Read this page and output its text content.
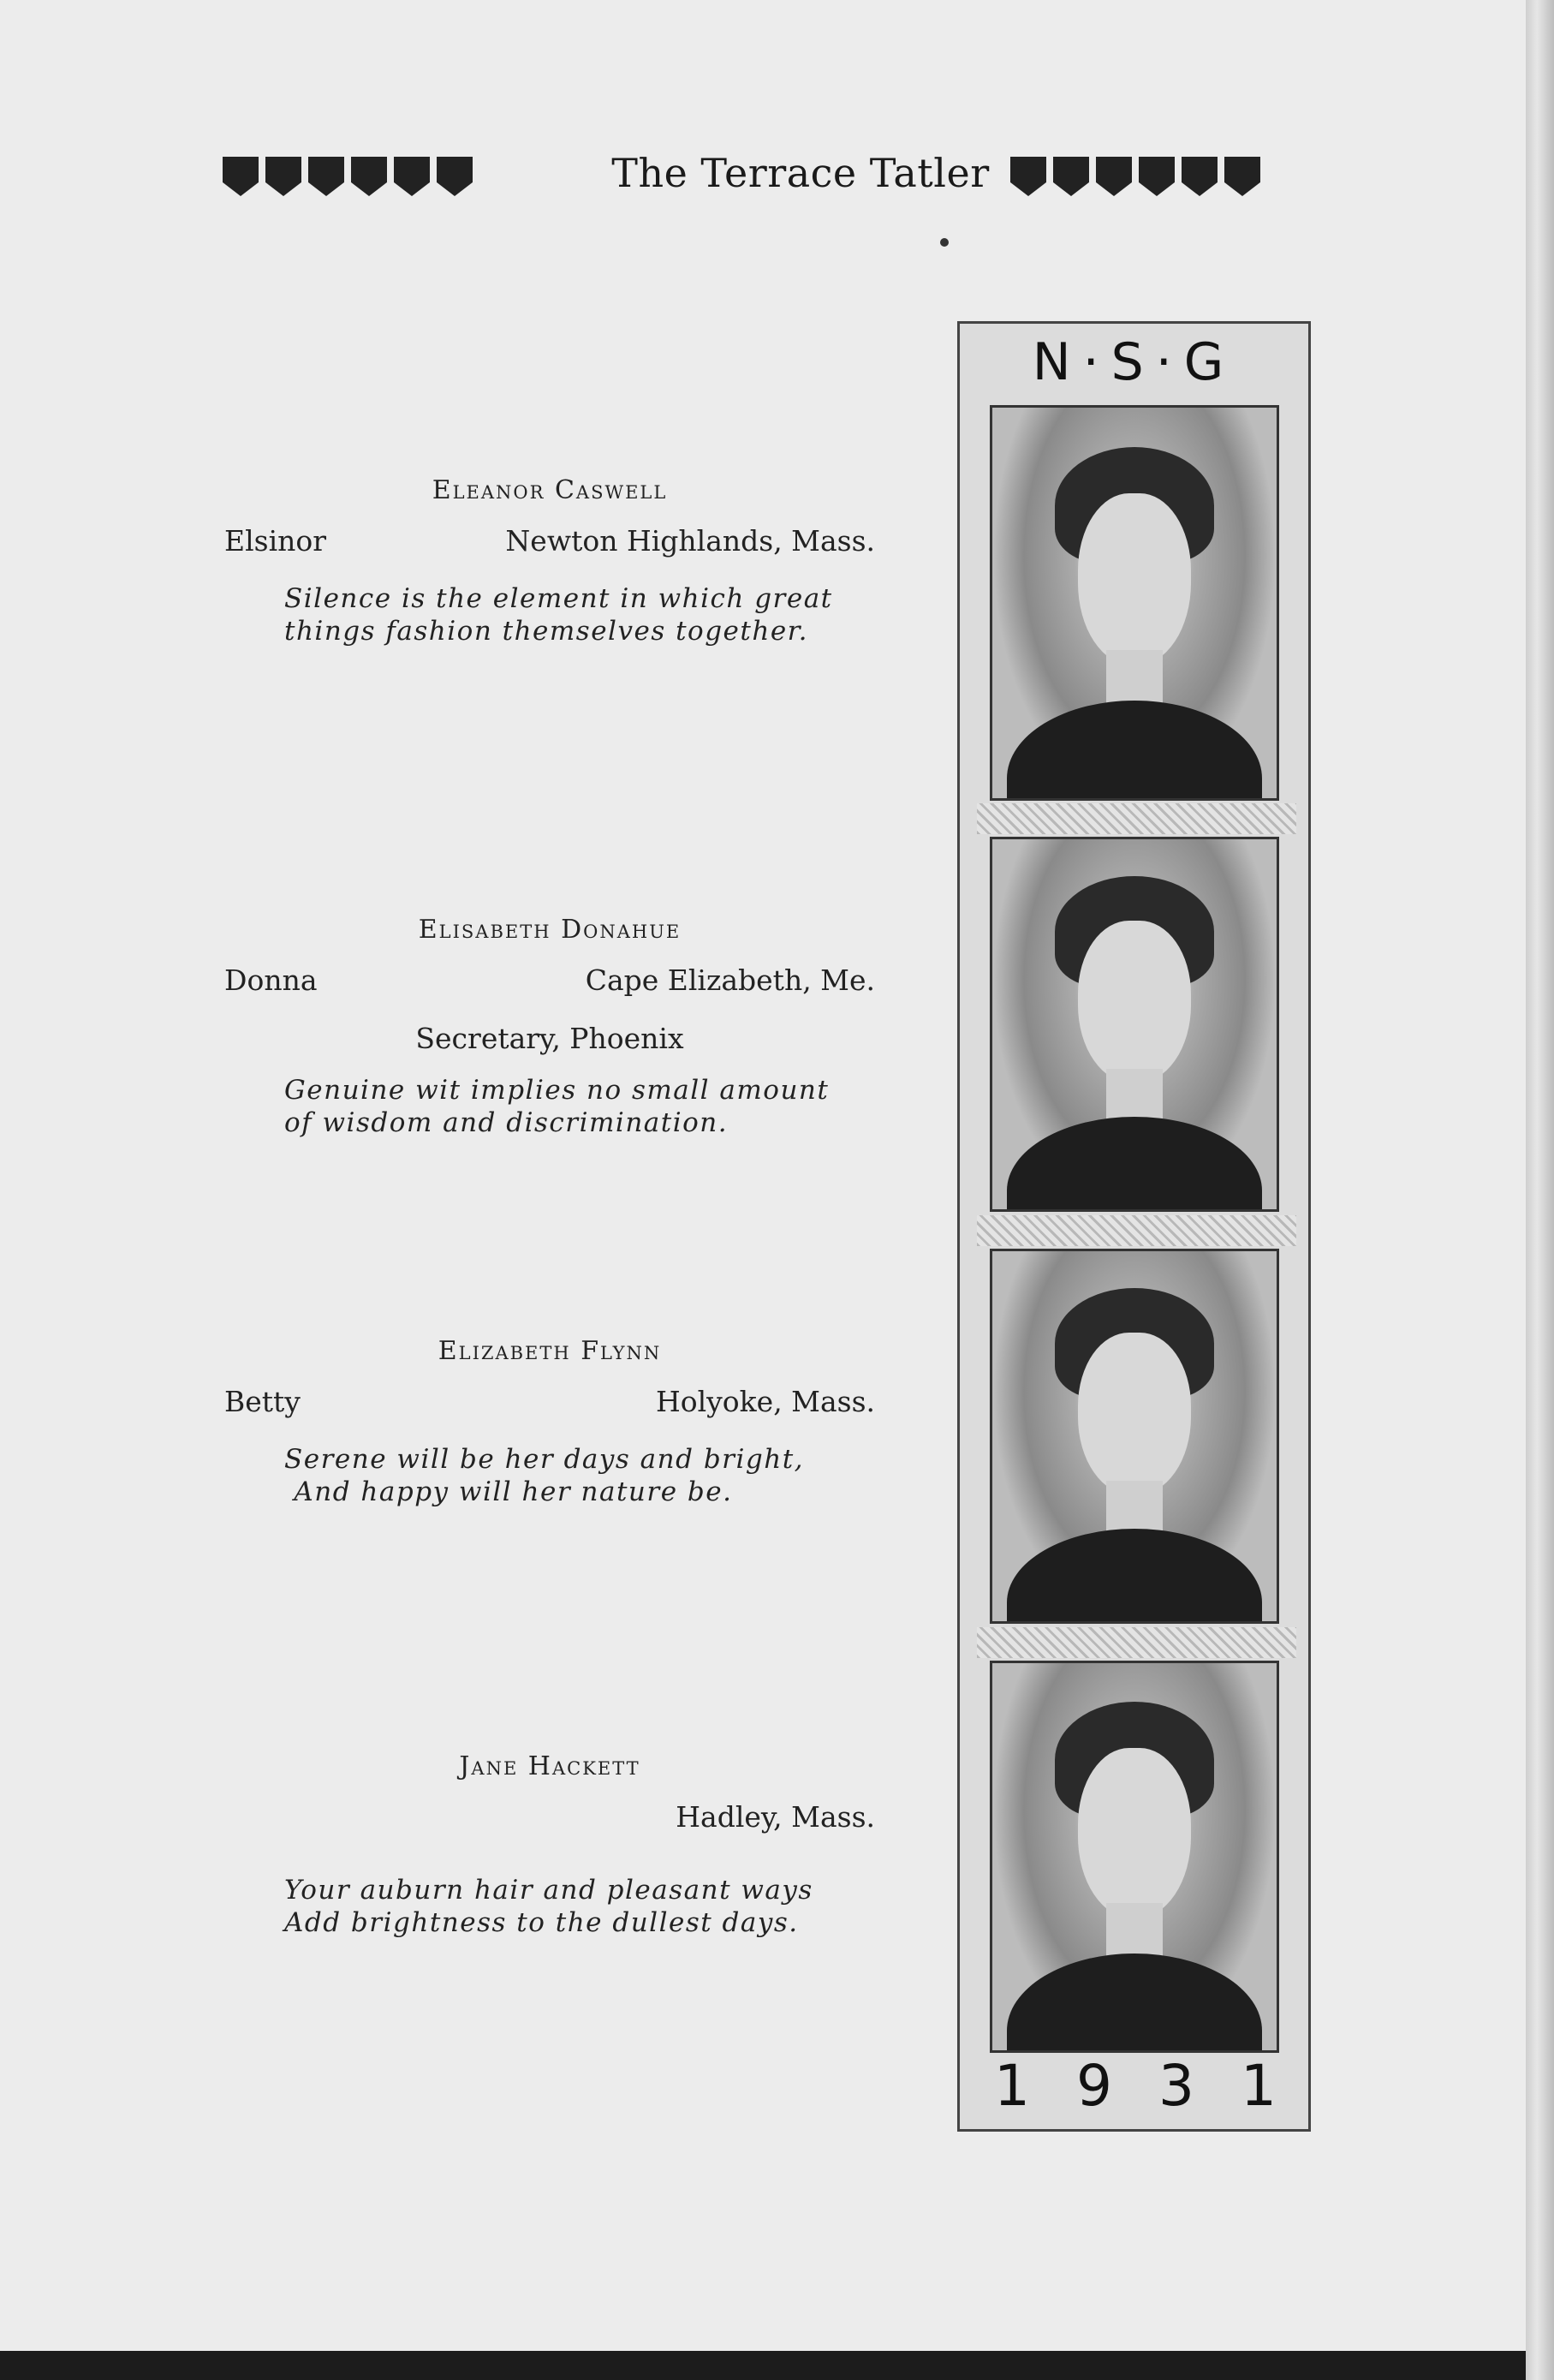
The Terrace Tatler
Eleanor Caswell
Elsinor	Newton Highlands, Mass.
Silence is the element in which great
things fashion themselves together.
Elisabeth Donahue
Donna	Cape Elizabeth, Me.
Secretary, Phoenix
Genuine wit implies no small amount
of wisdom and discrimination.
Elizabeth Flynn
Betty	Holyoke, Mass.
Serene will be her days and bright,
And happy will her nature be.
Jane Hackett
Hadley, Mass.
Your auburn hair and pleasant ways
Add brightness to the dullest days.
N·S·G
1931
